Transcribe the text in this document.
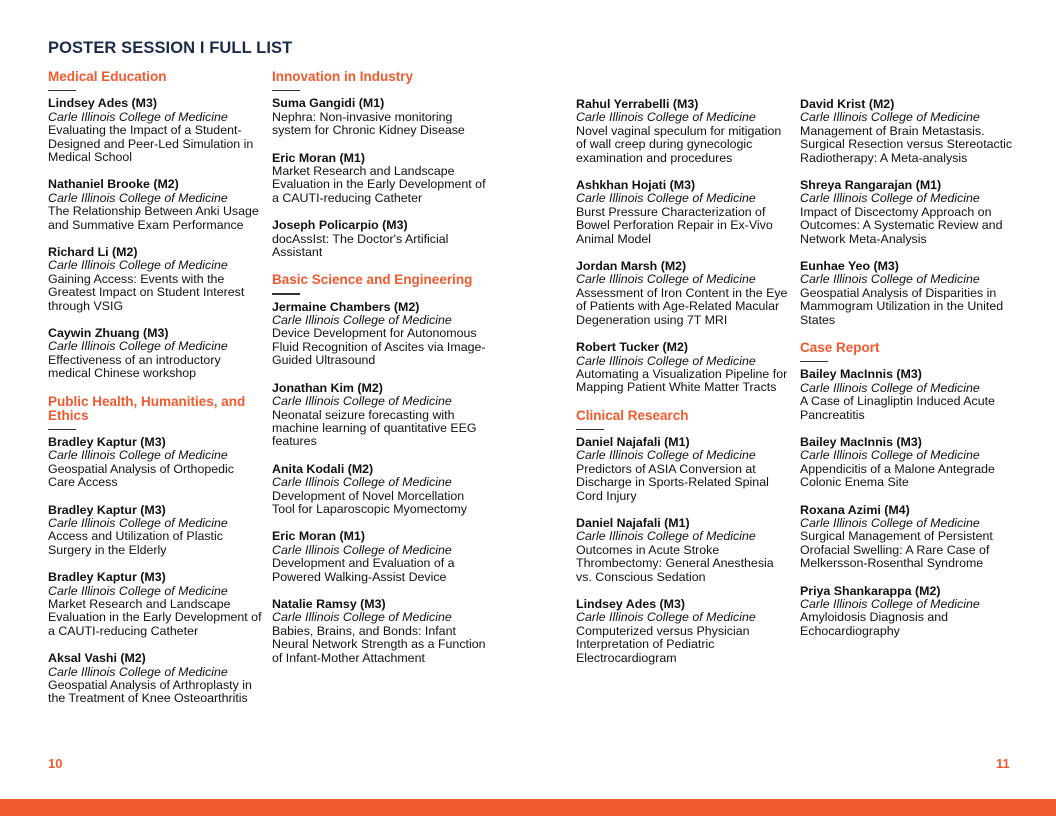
POSTER SESSION I FULL LIST
Medical Education
Lindsey Ades (M3)
Carle Illinois College of Medicine
Evaluating the Impact of a Student-Designed and Peer-Led Simulation in Medical School
Nathaniel Brooke (M2)
Carle Illinois College of Medicine
The Relationship Between Anki Usage and Summative Exam Performance
Richard Li (M2)
Carle Illinois College of Medicine
Gaining Access: Events with the Greatest Impact on Student Interest through VSIG
Caywin Zhuang (M3)
Carle Illinois College of Medicine
Effectiveness of an introductory medical Chinese workshop
Public Health, Humanities, and Ethics
Bradley Kaptur (M3)
Carle Illinois College of Medicine
Geospatial Analysis of Orthopedic Care Access
Bradley Kaptur (M3)
Carle Illinois College of Medicine
Access and Utilization of Plastic Surgery in the Elderly
Bradley Kaptur (M3)
Carle Illinois College of Medicine
Market Research and Landscape Evaluation in the Early Development of a CAUTI-reducing Catheter
Aksal Vashi (M2)
Carle Illinois College of Medicine
Geospatial Analysis of Arthroplasty in the Treatment of Knee Osteoarthritis
Innovation in Industry
Suma Gangidi (M1)
Nephra: Non-invasive monitoring system for Chronic Kidney Disease
Eric Moran (M1)
Market Research and Landscape Evaluation in the Early Development of a CAUTI-reducing Catheter
Joseph Policarpio (M3)
docAssIst: The Doctor's Artificial Assistant
Basic Science and Engineering
Jermaine Chambers (M2)
Carle Illinois College of Medicine
Device Development for Autonomous Fluid Recognition of Ascites via Image-Guided Ultrasound
Jonathan Kim (M2)
Carle Illinois College of Medicine
Neonatal seizure forecasting with machine learning of quantitative EEG features
Anita Kodali (M2)
Carle Illinois College of Medicine
Development of Novel Morcellation Tool for Laparoscopic Myomectomy
Eric Moran (M1)
Carle Illinois College of Medicine
Development and Evaluation of a Powered Walking-Assist Device
Natalie Ramsy (M3)
Carle Illinois College of Medicine
Babies, Brains, and Bonds: Infant Neural Network Strength as a Function of Infant-Mother Attachment
Rahul Yerrabelli (M3)
Carle Illinois College of Medicine
Novel vaginal speculum for mitigation of wall creep during gynecologic examination and procedures
Ashkhan Hojati (M3)
Carle Illinois College of Medicine
Burst Pressure Characterization of Bowel Perforation Repair in Ex-Vivo Animal Model
Jordan Marsh (M2)
Carle Illinois College of Medicine
Assessment of Iron Content in the Eye of Patients with Age-Related Macular Degeneration using 7T MRI
Robert Tucker (M2)
Carle Illinois College of Medicine
Automating a Visualization Pipeline for Mapping Patient White Matter Tracts
Clinical Research
Daniel Najafali (M1)
Carle Illinois College of Medicine
Predictors of ASIA Conversion at Discharge in Sports-Related Spinal Cord Injury
Daniel Najafali (M1)
Carle Illinois College of Medicine
Outcomes in Acute Stroke Thrombectomy: General Anesthesia vs. Conscious Sedation
Lindsey Ades (M3)
Carle Illinois College of Medicine
Computerized versus Physician Interpretation of Pediatric Electrocardiogram
David Krist (M2)
Carle Illinois College of Medicine
Management of Brain Metastasis. Surgical Resection versus Stereotactic Radiotherapy: A Meta-analysis
Shreya Rangarajan (M1)
Carle Illinois College of Medicine
Impact of Discectomy Approach on Outcomes: A Systematic Review and Network Meta-Analysis
Eunhae Yeo (M3)
Carle Illinois College of Medicine
Geospatial Analysis of Disparities in Mammogram Utilization in the United States
Case Report
Bailey MacInnis (M3)
Carle Illinois College of Medicine
A Case of Linagliptin Induced Acute Pancreatitis
Bailey MacInnis (M3)
Carle Illinois College of Medicine
Appendicitis of a Malone Antegrade Colonic Enema Site
Roxana Azimi (M4)
Carle Illinois College of Medicine
Surgical Management of Persistent Orofacial Swelling: A Rare Case of Melkersson-Rosenthal Syndrome
Priya Shankarappa (M2)
Carle Illinois College of Medicine
Amyloidosis Diagnosis and Echocardiography
10	11
